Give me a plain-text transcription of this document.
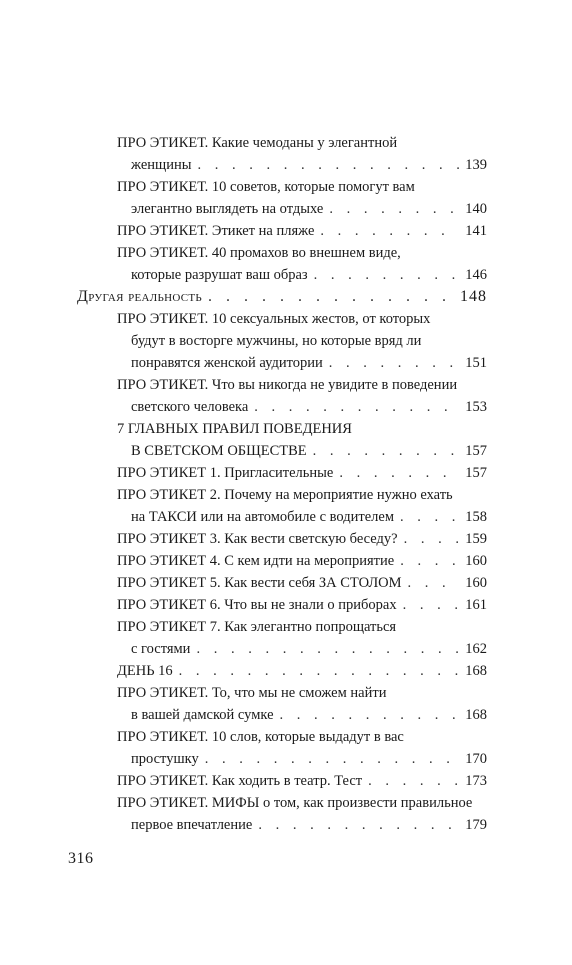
ПРО ЭТИКЕТ. Какие чемоданы у элегантной
женщины . . .	139
ПРО ЭТИКЕТ. 10 советов, которые помогут вам
элегантно выглядеть на отдыхе . . .	140
ПРО ЭТИКЕТ. Этикет на пляже . . .	141
ПРО ЭТИКЕТ. 40 промахов во внешнем виде,
которые разрушат ваш образ . . .	146
Другая реальность . . .	148
ПРО ЭТИКЕТ. 10 сексуальных жестов, от которых
будут в восторге мужчины, но которые вряд ли
понравятся женской аудитории . . .	151
ПРО ЭТИКЕТ. Что вы никогда не увидите в поведении
светского человека . . .	153
7 ГЛАВНЫХ ПРАВИЛ ПОВЕДЕНИЯ
В СВЕТСКОМ ОБЩЕСТВЕ . . .	157
ПРО ЭТИКЕТ 1. Пригласительные . . .	157
ПРО ЭТИКЕТ 2. Почему на мероприятие нужно ехать
на ТАКСИ или на автомобиле с водителем . . .	158
ПРО ЭТИКЕТ 3. Как вести светскую беседу? . . .	159
ПРО ЭТИКЕТ 4. С кем идти на мероприятие . . .	160
ПРО ЭТИКЕТ 5. Как вести себя ЗА СТОЛОМ . . .	160
ПРО ЭТИКЕТ 6. Что вы не знали о приборах . . .	161
ПРО ЭТИКЕТ 7. Как элегантно попрощаться
с гостями . . .	162
ДЕНЬ 16 . . .	168
ПРО ЭТИКЕТ. То, что мы не сможем найти
в вашей дамской сумке . . .	168
ПРО ЭТИКЕТ. 10 слов, которые выдадут в вас
простушку . . .	170
ПРО ЭТИКЕТ. Как ходить в театр. Тест . . .	173
ПРО ЭТИКЕТ. МИФЫ о том, как произвести правильное
первое впечатление . . .	179
316
